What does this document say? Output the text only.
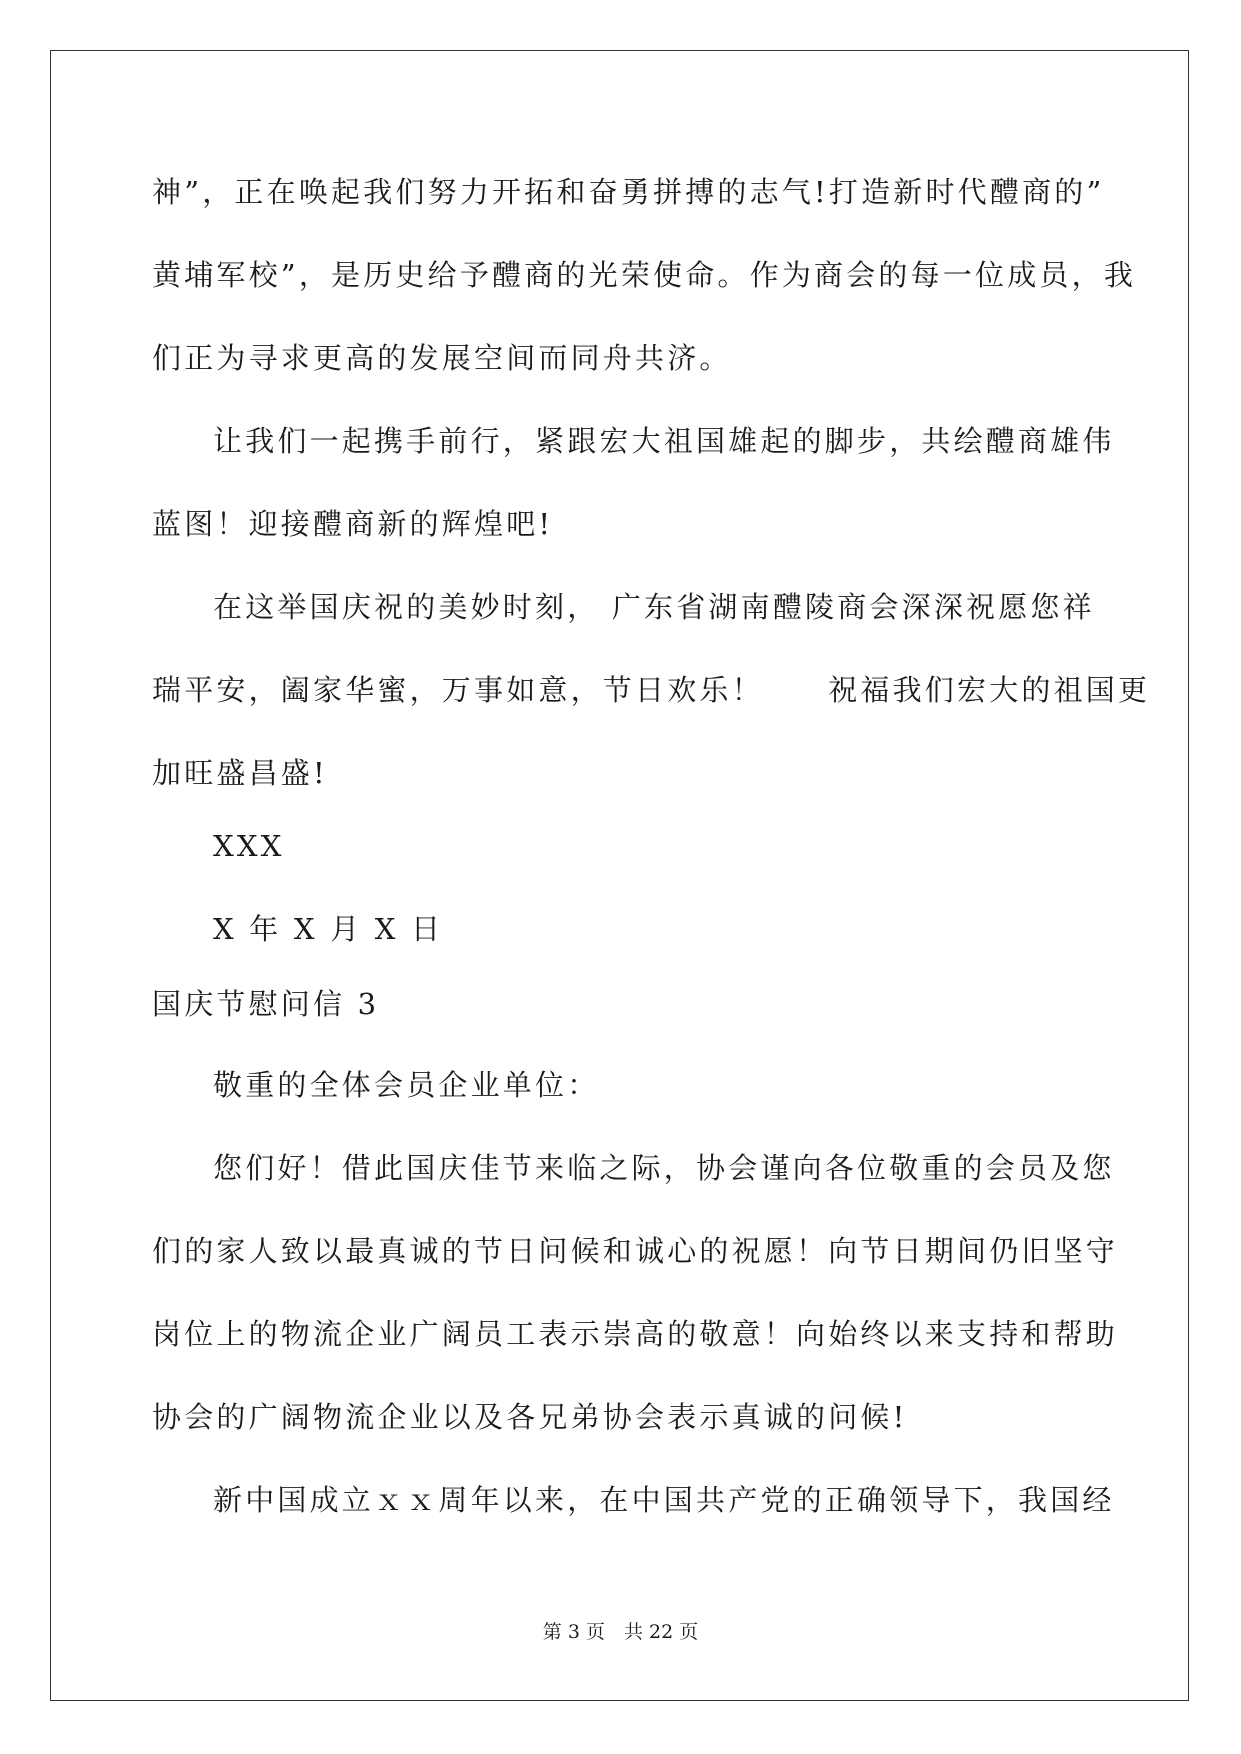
神”，正在唤起我们努力开拓和奋勇拼搏的志气!打造新时代醴商的”
黄埔军校”，是历史给予醴商的光荣使命。作为商会的每一位成员，我
们正为寻求更高的发展空间而同舟共济。
让我们一起携手前行，紧跟宏大祖国雄起的脚步，共绘醴商雄伟
蓝图！迎接醴商新的辉煌吧!
在这举国庆祝的美妙时刻， 广东省湖南醴陵商会深深祝愿您祥
瑞平安，阖家华蜜，万事如意，节日欢乐！　　祝福我们宏大的祖国更
加旺盛昌盛!
XXX
X 年 X 月 X 日
国庆节慰问信 3
敬重的全体会员企业单位：
您们好！借此国庆佳节来临之际，协会谨向各位敬重的会员及您
们的家人致以最真诚的节日问候和诚心的祝愿！向节日期间仍旧坚守
岗位上的物流企业广阔员工表示崇高的敬意！向始终以来支持和帮助
协会的广阔物流企业以及各兄弟协会表示真诚的问候!
新中国成立ｘｘ周年以来，在中国共产党的正确领导下，我国经
第 3 页　共 22 页
